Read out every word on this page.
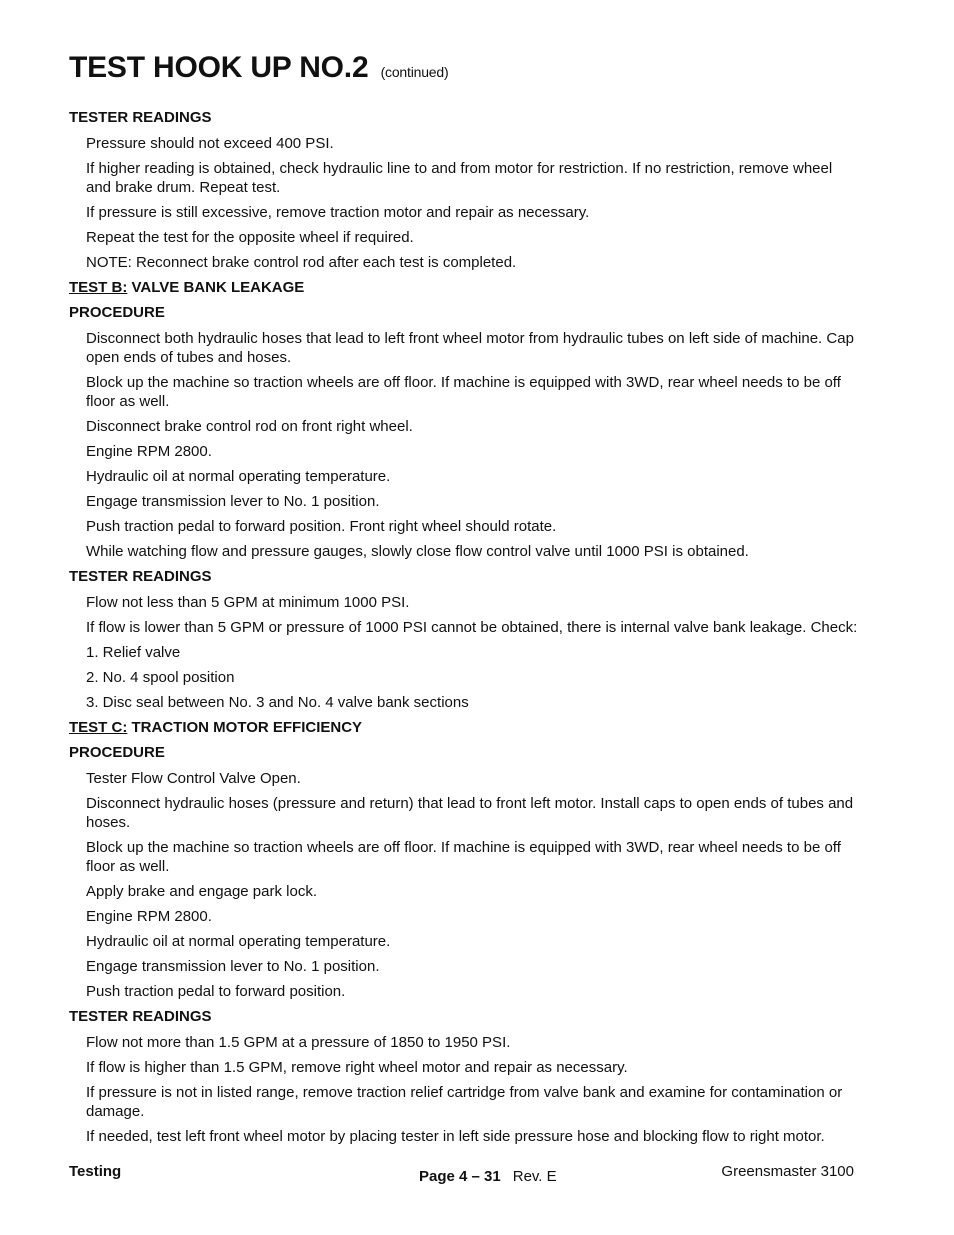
TEST HOOK UP NO.2 (continued)
TESTER READINGS
Pressure should not exceed 400 PSI.
If higher reading is obtained, check hydraulic line to and from motor for restriction. If no restriction, remove wheel and brake drum. Repeat test.
If pressure is still excessive, remove traction motor and repair as necessary.
Repeat the test for the opposite wheel if required.
NOTE: Reconnect brake control rod after each test is completed.
TEST B: VALVE BANK LEAKAGE
PROCEDURE
Disconnect both hydraulic hoses that lead to left front wheel motor from hydraulic tubes on left side of machine. Cap open ends of tubes and hoses.
Block up the machine so traction wheels are off floor. If machine is equipped with 3WD, rear wheel needs to be off floor as well.
Disconnect brake control rod on front right wheel.
Engine RPM 2800.
Hydraulic oil at normal operating temperature.
Engage transmission lever to No. 1 position.
Push traction pedal to forward position. Front right wheel should rotate.
While watching flow and pressure gauges, slowly close flow control valve until 1000 PSI is obtained.
TESTER READINGS
Flow not less than 5 GPM at minimum 1000 PSI.
If flow is lower than 5 GPM or pressure of 1000 PSI cannot be obtained, there is internal valve bank leakage. Check:
1. Relief valve
2. No. 4 spool position
3. Disc seal between No. 3 and No. 4 valve bank sections
TEST C: TRACTION MOTOR EFFICIENCY
PROCEDURE
Tester Flow Control Valve Open.
Disconnect hydraulic hoses (pressure and return) that lead to front left motor. Install caps to open ends of tubes and hoses.
Block up the machine so traction wheels are off floor. If machine is equipped with 3WD, rear wheel needs to be off floor as well.
Apply brake and engage park lock.
Engine RPM 2800.
Hydraulic oil at normal operating temperature.
Engage transmission lever to No. 1 position.
Push traction pedal to forward position.
TESTER READINGS
Flow not more than 1.5 GPM at a pressure of 1850 to 1950 PSI.
If flow is higher than 1.5 GPM, remove right wheel motor and repair as necessary.
If pressure is not in listed range, remove traction relief cartridge from valve bank and examine for contamination or damage.
If needed, test left front wheel motor by placing tester in left side pressure hose and blocking flow to right motor.
Testing	Page 4 – 31 Rev. E	Greensmaster 3100
